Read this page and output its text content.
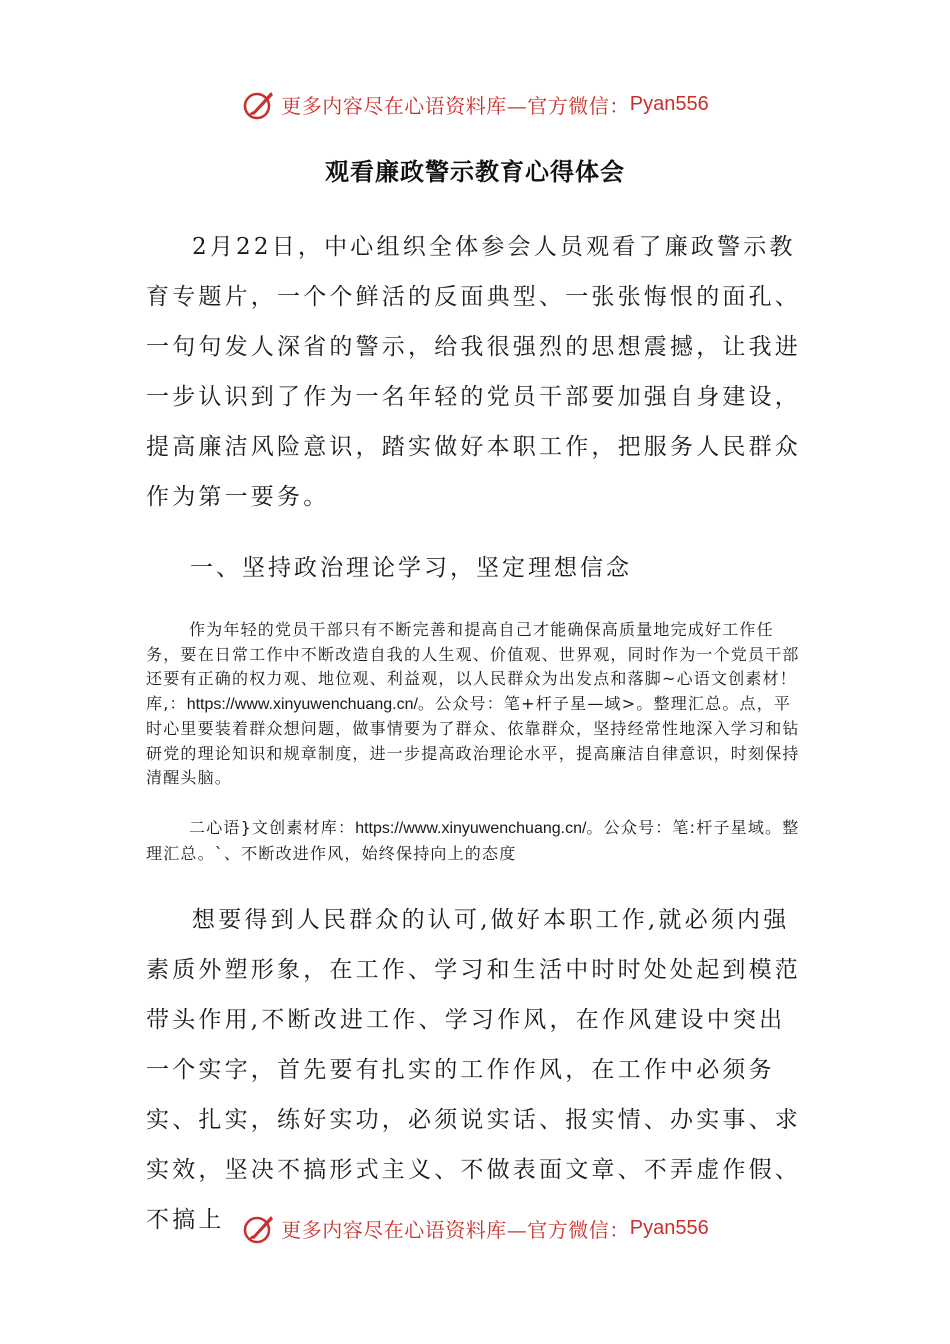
更多内容尽在心语资料库—官方微信： Pyan556
观看廉政警示教育心得体会

2月22日，中心组织全体参会人员观看了廉政警示教育专题片，一个个鲜活的反面典型、一张张悔恨的面孔、一句句发人深省的警示，给我很强烈的思想震撼，让我进一步认识到了作为一名年轻的党员干部要加强自身建设，提高廉洁风险意识，踏实做好本职工作，把服务人民群众作为第一要务。

一、坚持政治理论学习，坚定理想信念

作为年轻的党员干部只有不断完善和提高自己才能确保高质量地完成好工作任务，要在日常工作中不断改造自我的人生观、价值观、世界观，同时作为一个党员干部还要有正确的权力观、地位观、利益观，以人民群众为出发点和落脚~心语文创素材！库,：https://www.xinyuwenchuang.cn/。公众号：笔+杆子星—域>。整理汇总。点，平时心里要装着群众想问题，做事情要为了群众、依靠群众，坚持经常性地深入学习和钻研党的理论知识和规章制度，进一步提高政治理论水平，提高廉洁自律意识，时刻保持清醒头脑。

二心语}文创素材库：https://www.xinyuwenchuang.cn/。公众号：笔:杆子星域。整理汇总。`、不断改进作风，始终保持向上的态度

想要得到人民群众的认可,做好本职工作,就必须内强素质外塑形象，在工作、学习和生活中时时处处起到模范带头作用,不断改进工作、学习作风，在作风建设中突出一个实字，首先要有扎实的工作作风，在工作中必须务实、扎实，练好实功，必须说实话、报实情、办实事、求实效，坚决不搞形式主义、不做表面文章、不弄虚作假、不搞上	更多内容尽在心语资料库—官方微信： Pyan556
